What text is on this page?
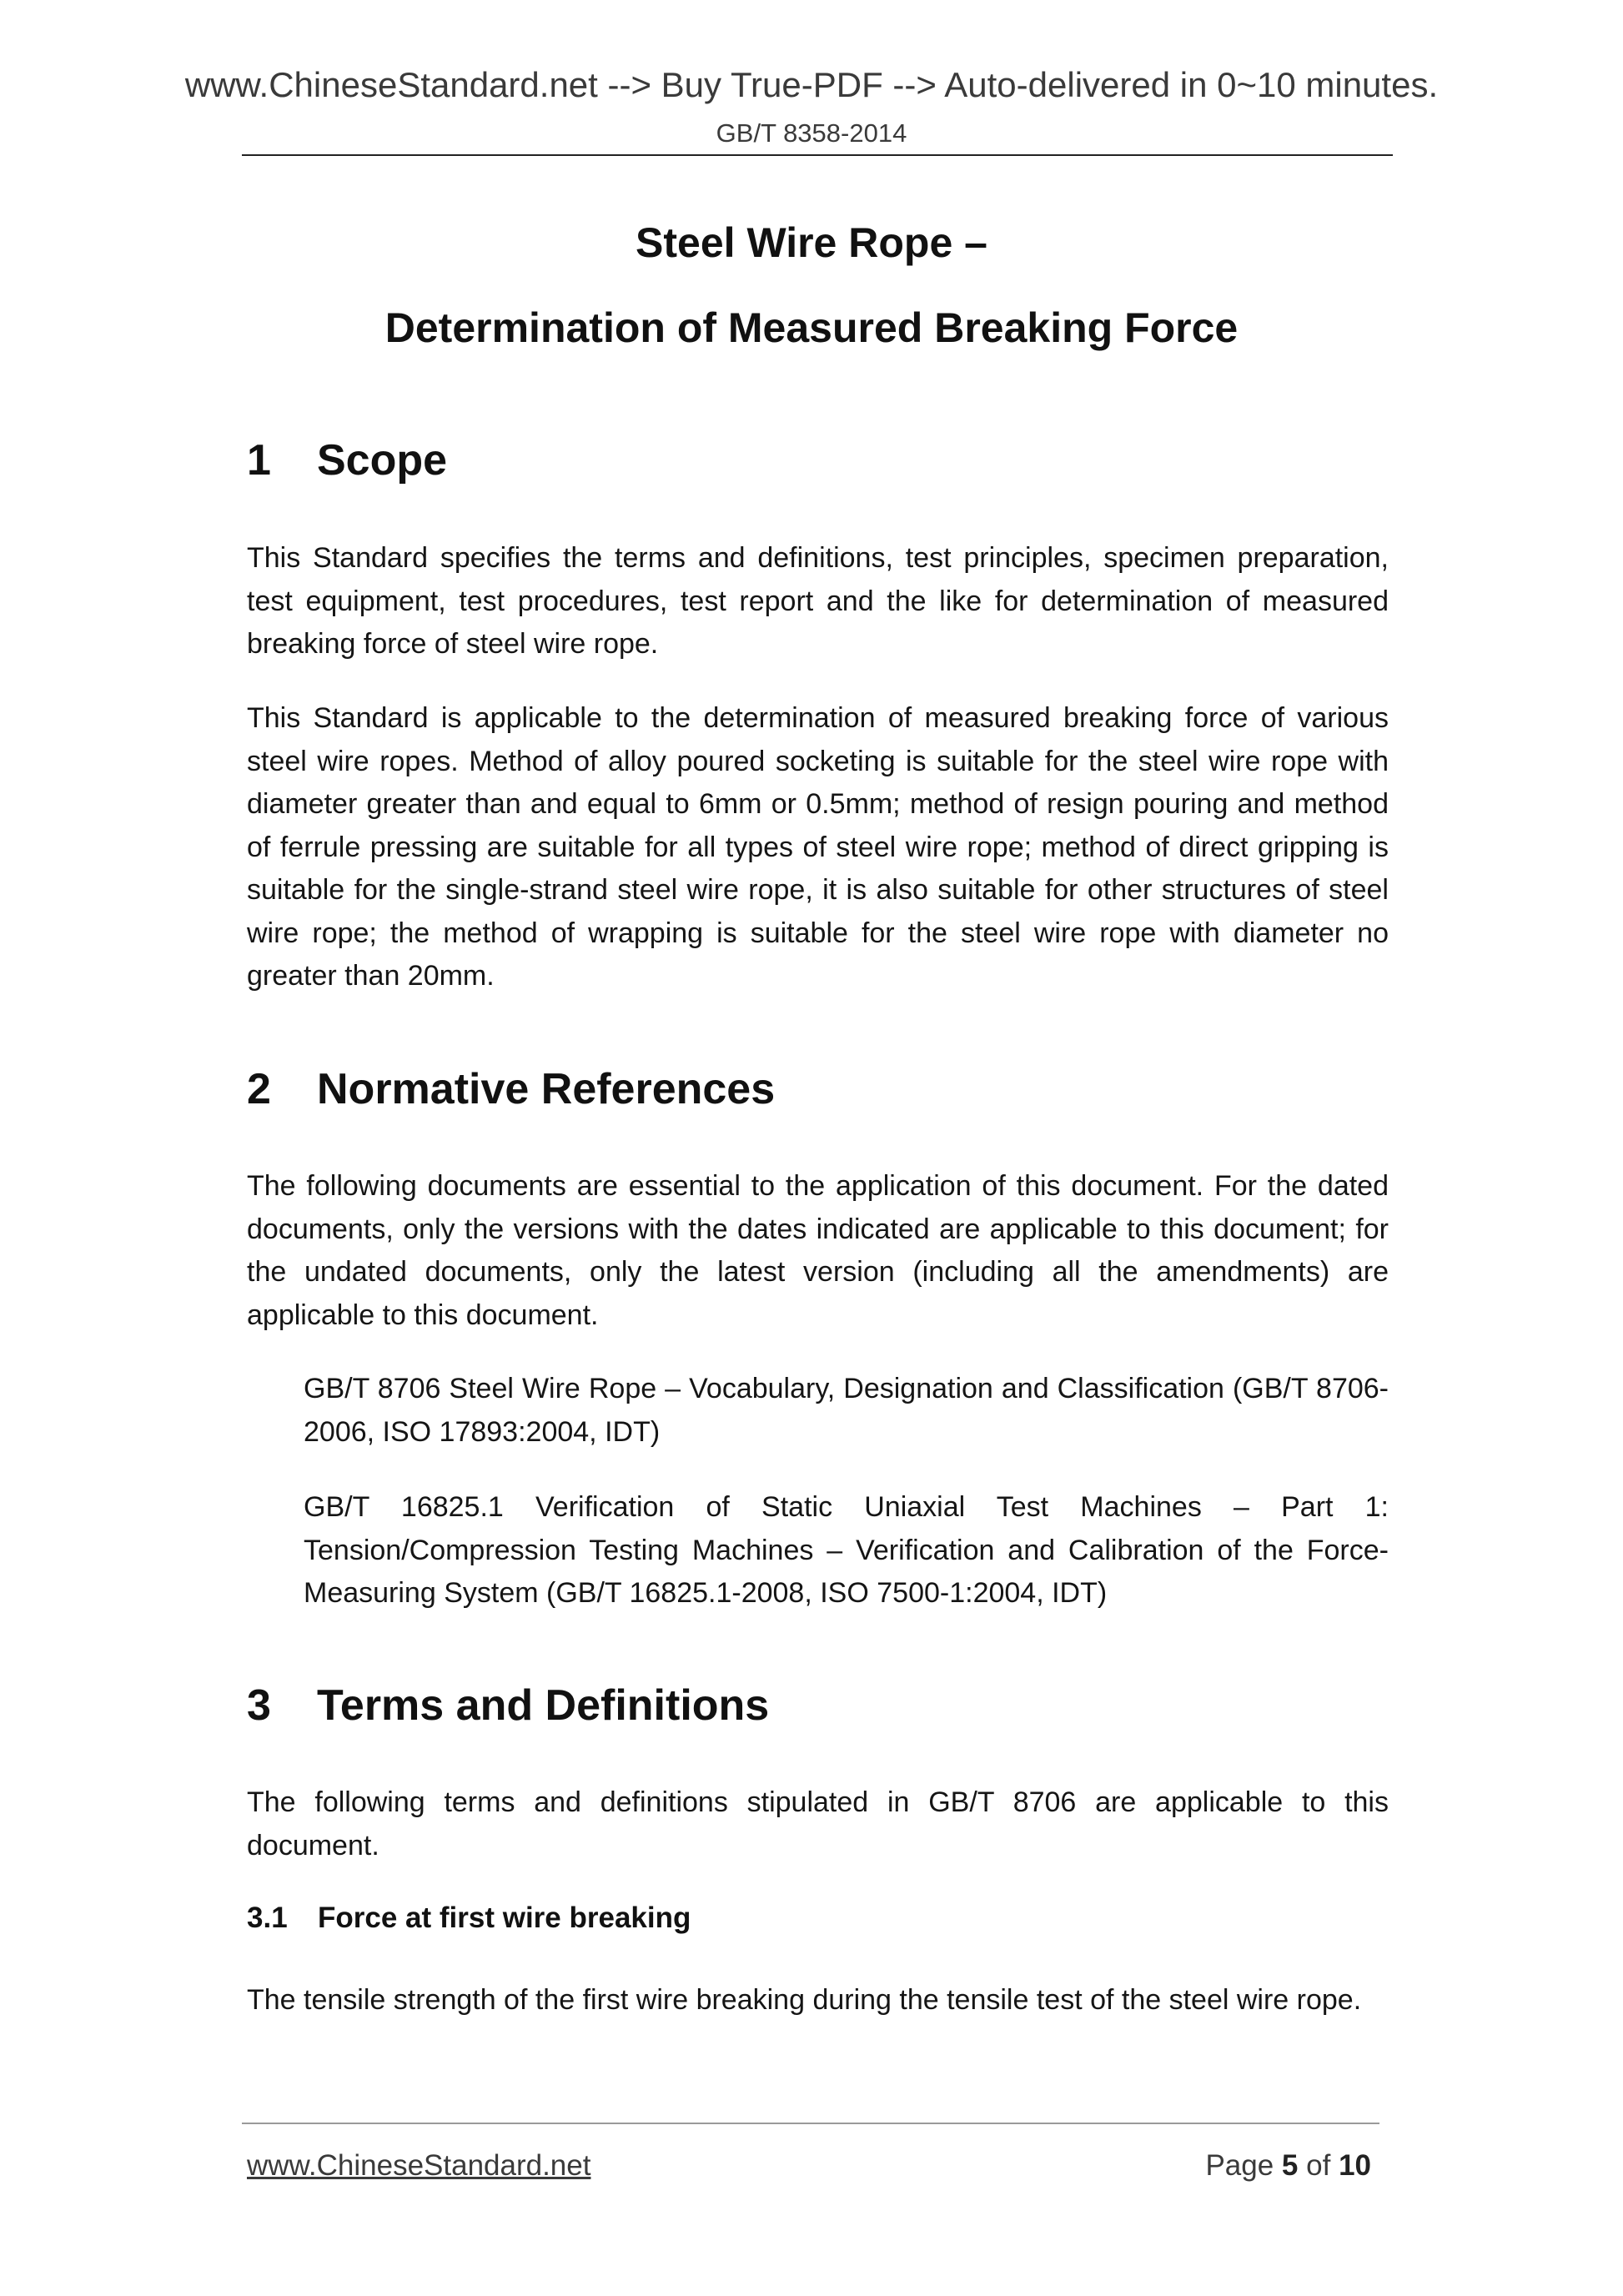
www.ChineseStandard.net --> Buy True-PDF --> Auto-delivered in 0~10 minutes.
GB/T 8358-2014
Steel Wire Rope –
Determination of Measured Breaking Force
1 Scope

This Standard specifies the terms and definitions, test principles, specimen preparation, test equipment, test procedures, test report and the like for determination of measured breaking force of steel wire rope.

This Standard is applicable to the determination of measured breaking force of various steel wire ropes. Method of alloy poured socketing is suitable for the steel wire rope with diameter greater than and equal to 6mm or 0.5mm; method of resign pouring and method of ferrule pressing are suitable for all types of steel wire rope; method of direct gripping is suitable for the single-strand steel wire rope, it is also suitable for other structures of steel wire rope; the method of wrapping is suitable for the steel wire rope with diameter no greater than 20mm.

2 Normative References

The following documents are essential to the application of this document. For the dated documents, only the versions with the dates indicated are applicable to this document; for the undated documents, only the latest version (including all the amendments) are applicable to this document.

GB/T 8706 Steel Wire Rope – Vocabulary, Designation and Classification (GB/T 8706-2006, ISO 17893:2004, IDT)

GB/T 16825.1 Verification of Static Uniaxial Test Machines – Part 1: Tension/Compression Testing Machines – Verification and Calibration of the Force-Measuring System (GB/T 16825.1-2008, ISO 7500-1:2004, IDT)

3 Terms and Definitions

The following terms and definitions stipulated in GB/T 8706 are applicable to this document.

3.1 Force at first wire breaking

The tensile strength of the first wire breaking during the tensile test of the steel wire rope.

www.ChineseStandard.net	Page 5 of 10
